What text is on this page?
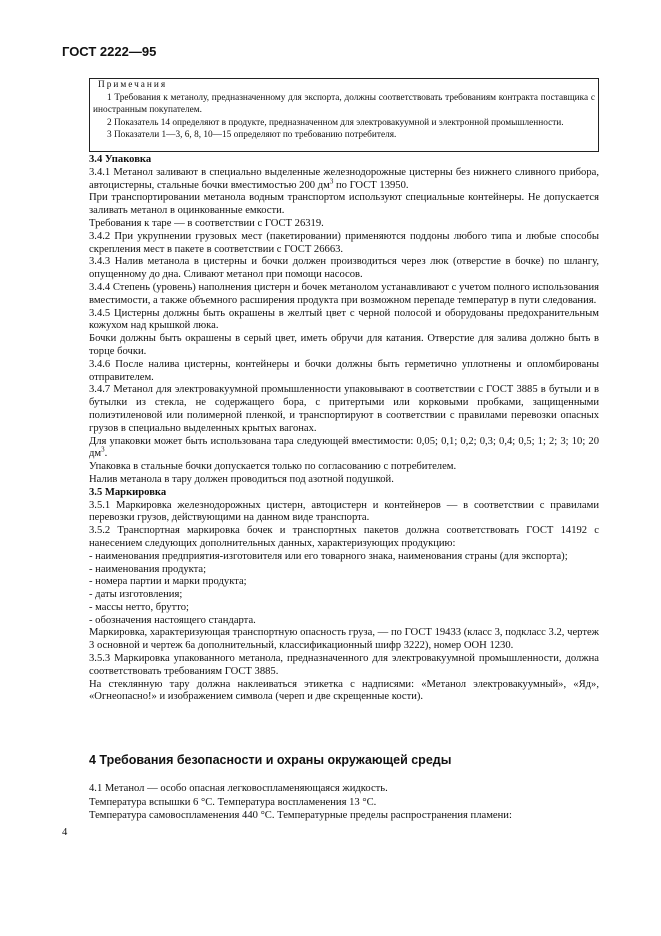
ГОСТ 2222—95
Примечания

1 Требования к метанолу, предназначенному для экспорта, должны соответствовать требованиям контракта поставщика с иностранным покупателем.

2 Показатель 14 определяют в продукте, предназначенном для электровакуумной и электронной промышленности.

3 Показатели 1—3, 6, 8, 10—15 определяют по требованию потребителя.

3.4 Упаковка

3.4.1 Метанол заливают в специально выделенные железнодорожные цистерны без нижнего сливного прибора, автоцистерны, стальные бочки вместимостью 200 $дм^3$ по ГОСТ 13950.

При транспортировании метанола водным транспортом используют специальные контейнеры. Не допускается заливать метанол в оцинкованные емкости.

Требования к таре — в соответствии с ГОСТ 26319.

3.4.2 При укрупнении грузовых мест (пакетировании) применяются поддоны любого типа и любые способы скрепления мест в пакете в соответствии с ГОСТ 26663.

3.4.3 Налив метанола в цистерны и бочки должен производиться через люк (отверстие в бочке) по шлангу, опущенному до дна. Сливают метанол при помощи насосов.

3.4.4 Степень (уровень) наполнения цистерн и бочек метанолом устанавливают с учетом полного использования вместимости, а также объемного расширения продукта при возможном перепаде температур в пути следования.

3.4.5 Цистерны должны быть окрашены в желтый цвет с черной полосой и оборудованы предохранительным кожухом над крышкой люка.

Бочки должны быть окрашены в серый цвет, иметь обручи для катания. Отверстие для залива должно быть в торце бочки.

3.4.6 После налива цистерны, контейнеры и бочки должны быть герметично уплотнены и опломбированы отправителем.

3.4.7 Метанол для электровакуумной промышленности упаковывают в соответствии с ГОСТ 3885 в бутыли и в бутылки из стекла, не содержащего бора, с притертыми или корковыми пробками, защищенными полиэтиленовой или полимерной пленкой, и транспортируют в соответствии с правилами перевозки опасных грузов в специально выделенных крытых вагонах.

Для упаковки может быть использована тара следующей вместимости: 0,05; 0,1; 0,2; 0,3; 0,4; 0,5; 1; 2; 3; 10; 20 $дм^3$.

Упаковка в стальные бочки допускается только по согласованию с потребителем.

Налив метанола в тару должен проводиться под азотной подушкой.

3.5 Маркировка

3.5.1 Маркировка железнодорожных цистерн, автоцистерн и контейнеров — в соответствии с правилами перевозки грузов, действующими на данном виде транспорта.

3.5.2 Транспортная маркировка бочек и транспортных пакетов должна соответствовать ГОСТ 14192 с нанесением следующих дополнительных данных, характеризующих продукцию:

- наименования предприятия-изготовителя или его товарного знака, наименования страны (для экспорта);

- наименования продукта;

- номера партии и марки продукта;

- даты изготовления;

- массы нетто, брутто;

- обозначения настоящего стандарта.

Маркировка, характеризующая транспортную опасность груза, — по ГОСТ 19433 (класс 3, подкласс 3.2, чертеж 3 основной и чертеж 6а дополнительный, классификационный шифр 3222), номер ООН 1230.

3.5.3 Маркировка упакованного метанола, предназначенного для электровакуумной промышленности, должна соответствовать требованиям ГОСТ 3885.

На стеклянную тару должна наклеиваться этикетка с надписями: «Метанол электровакуумный», «Яд», «Огнеопасно!» и изображением символа (череп и две скрещенные кости).

4 Требования безопасности и охраны окружающей среды

4.1 Метанол — особо опасная легковоспламеняющаяся жидкость.

Температура вспышки 6 °С. Температура воспламенения 13 °С.

Температура самовоспламенения 440 °С. Температурные пределы распространения пламени:

4
